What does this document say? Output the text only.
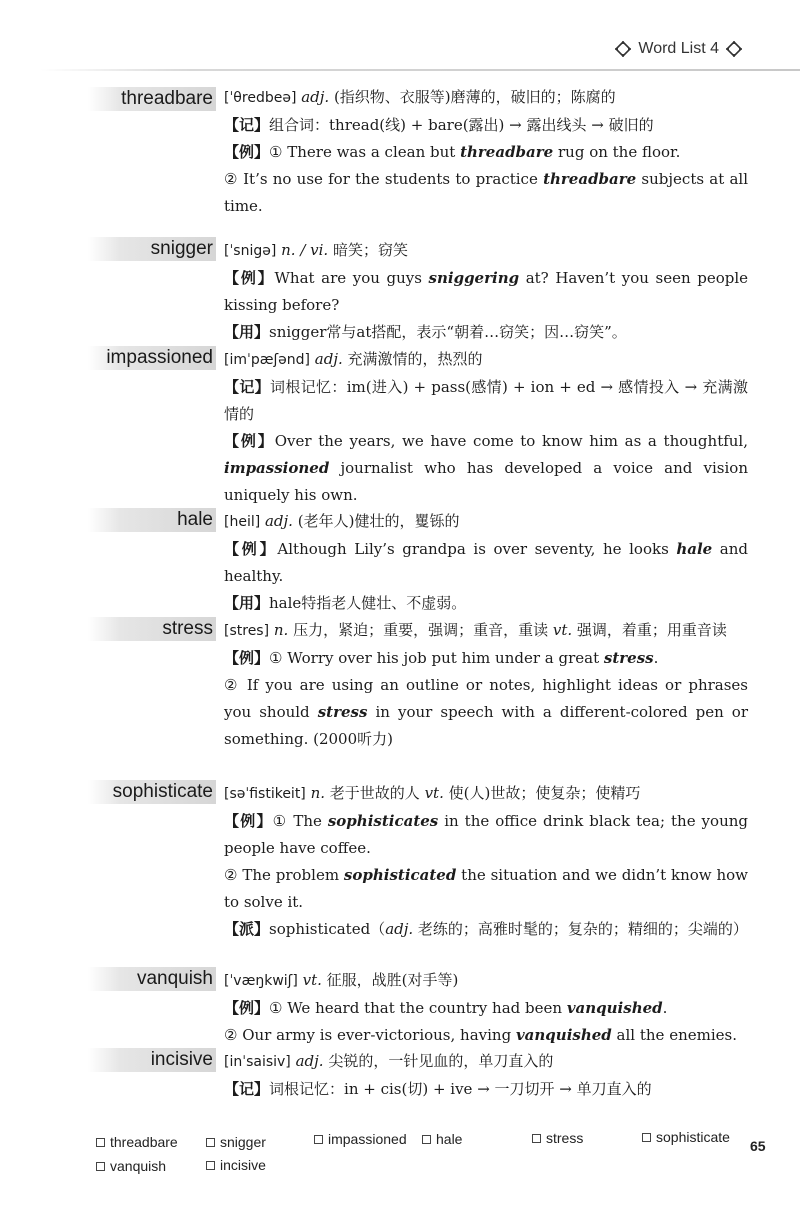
Word List 4
threadbare [ˈθredbeə] adj. (指织物、衣服等)磨薄的，破旧的；陈腐的
【记】组合词：thread(线) + bare(露出) → 露出线头 → 破旧的
【例】① There was a clean but threadbare rug on the floor.
② It’s no use for the students to practice threadbare subjects at all time.
snigger [ˈsnigə] n. / vi. 暗笑；窃笑
【例】What are you guys sniggering at? Haven’t you seen people kissing before?
【用】snigger常与at搭配，表示“朝着…窃笑；因…窃笑”。
impassioned [imˈpæʃənd] adj. 充满激情的，热烈的
【记】词根记忆：im(进入) + pass(感情) + ion + ed → 感情投入 → 充满激情的
【例】Over the years, we have come to know him as a thoughtful, impassioned journalist who has developed a voice and vision uniquely his own.
hale [heil] adj. (老年人)健壮的，矍铄的
【例】Although Lily’s grandpa is over seventy, he looks hale and healthy.
【用】hale特指老人健壮、不虚弱。
stress [stres] n. 压力，紧迫；重要，强调；重音，重读 vt. 强调，着重；用重音读
【例】① Worry over his job put him under a great stress.
② If you are using an outline or notes, highlight ideas or phrases you should stress in your speech with a different-colored pen or something. (2000听力)
sophisticate [səˈfistikeit] n. 老于世故的人 vt. 使(人)世故；使复杂；使精巧
【例】① The sophisticates in the office drink black tea; the young people have coffee.
② The problem sophisticated the situation and we didn’t know how to solve it.
【派】sophisticated（adj. 老练的；高雅时髦的；复杂的；精细的；尖端的）
vanquish [ˈvæŋkwiʃ] vt. 征服，战胜(对手等)
【例】① We heard that the country had been vanquished.
② Our army is ever-victorious, having vanquished all the enemies.
incisive [inˈsaisiv] adj. 尖锐的，一针见血的，单刀直入的
【记】词根记忆：in + cis(切) + ive → 一刀切开 → 单刀直入的
threadbare	snigger	impassioned	hale	stress	sophisticate
vanquish	incisive
65
